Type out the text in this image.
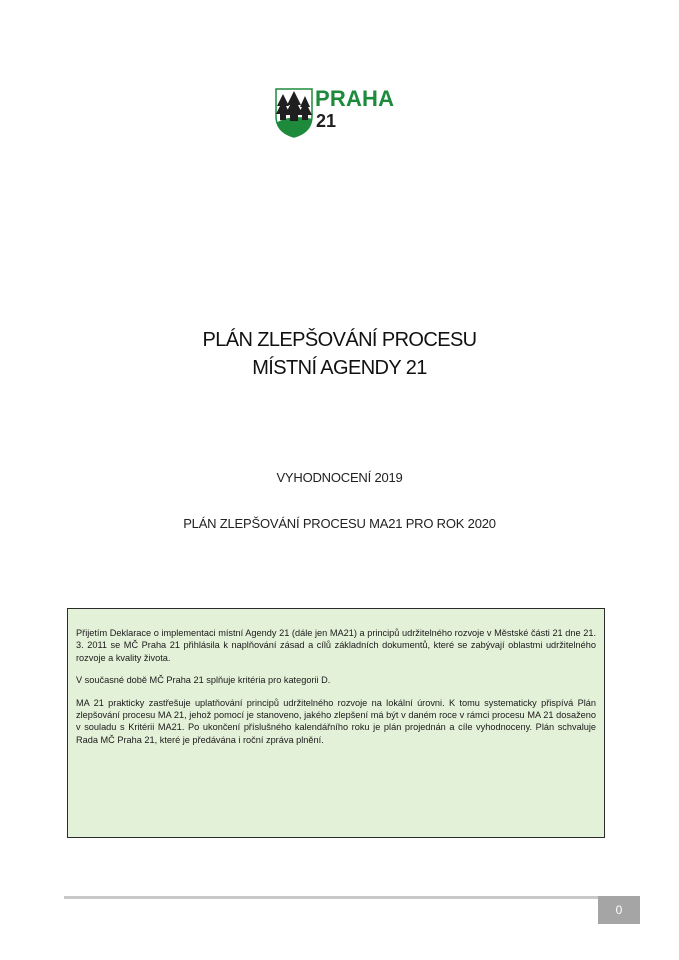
PRAHA
21
PLÁN ZLEPŠOVÁNÍ PROCESU
MÍSTNÍ AGENDY 21
VYHODNOCENÍ 2019
PLÁN ZLEPŠOVÁNÍ PROCESU MA21 PRO ROK 2020

Přijetím Deklarace o implementaci místní Agendy 21 (dále jen MA21) a principů udržitelného rozvoje v Městské části 21 dne 21. 3. 2011 se MČ Praha 21 přihlásila k naplňování zásad a cílů základních dokumentů, které se zabývají oblastmi udržitelného rozvoje a kvality života.

V současné době MČ Praha 21 splňuje kritéria pro kategorii D.

MA 21 prakticky zastřešuje uplatňování principů udržitelného rozvoje na lokální úrovni. K tomu systematicky přispívá Plán zlepšování procesu MA 21, jehož pomocí je stanoveno, jakého zlepšení má být v daném roce v rámci procesu MA 21 dosaženo v souladu s Kritérii MA21. Po ukončení příslušného kalendářního roku je plán projednán a cíle vyhodnoceny. Plán schvaluje Rada MČ Praha 21, které je předávána i roční zpráva plnění.

0
